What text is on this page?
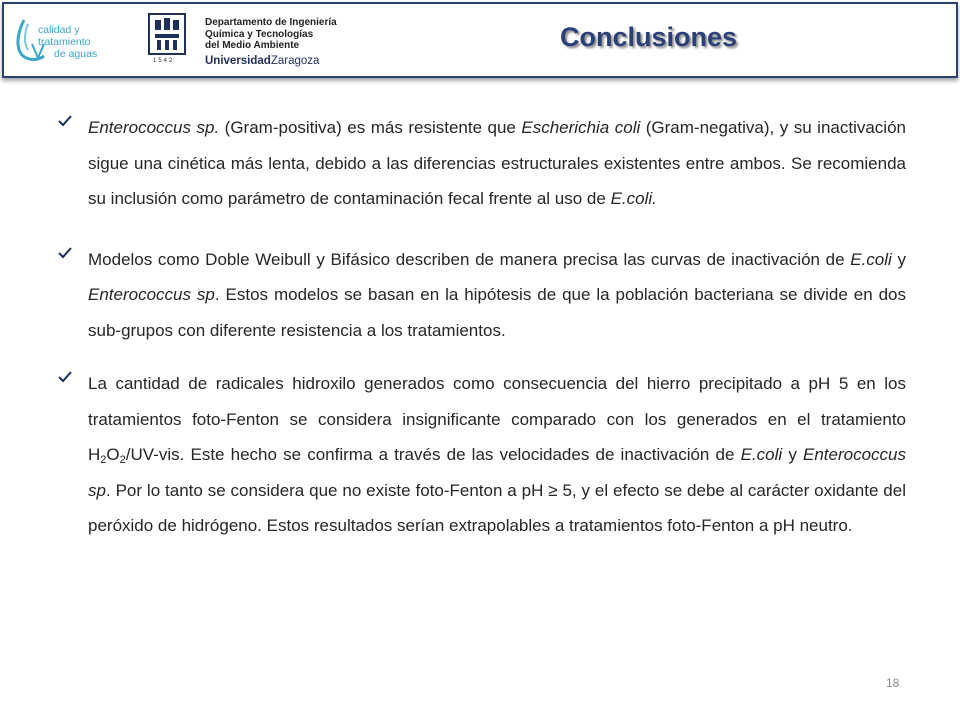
calidad y tratamiento
de aguas
1542
Departamento de Ingeniería
Química y Tecnologías
del Medio Ambiente
UniversidadZaragoza
Conclusiones

Enterococcus sp. (Gram-positiva) es más resistente que Escherichia coli (Gram-negativa), y su inactivación sigue una cinética más lenta, debido a las diferencias estructurales existentes entre ambos. Se recomienda su inclusión como parámetro de contaminación fecal frente al uso de E.coli.

Modelos como Doble Weibull y Bifásico describen de manera precisa las curvas de inactivación de E.coli y Enterococcus sp. Estos modelos se basan en la hipótesis de que la población bacteriana se divide en dos sub-grupos con diferente resistencia a los tratamientos.

La cantidad de radicales hidroxilo generados como consecuencia del hierro precipitado a pH 5 en los tratamientos foto-Fenton se considera insignificante comparado con los generados en el tratamiento $H_2O_2/UV$-vis. Este hecho se confirma a través de las velocidades de inactivación de E.coli y Enterococcus sp. Por lo tanto se considera que no existe foto-Fenton a pH ≥ 5, y el efecto se debe al carácter oxidante del peróxido de hidrógeno. Estos resultados serían extrapolables a tratamientos foto-Fenton a pH neutro.

18
